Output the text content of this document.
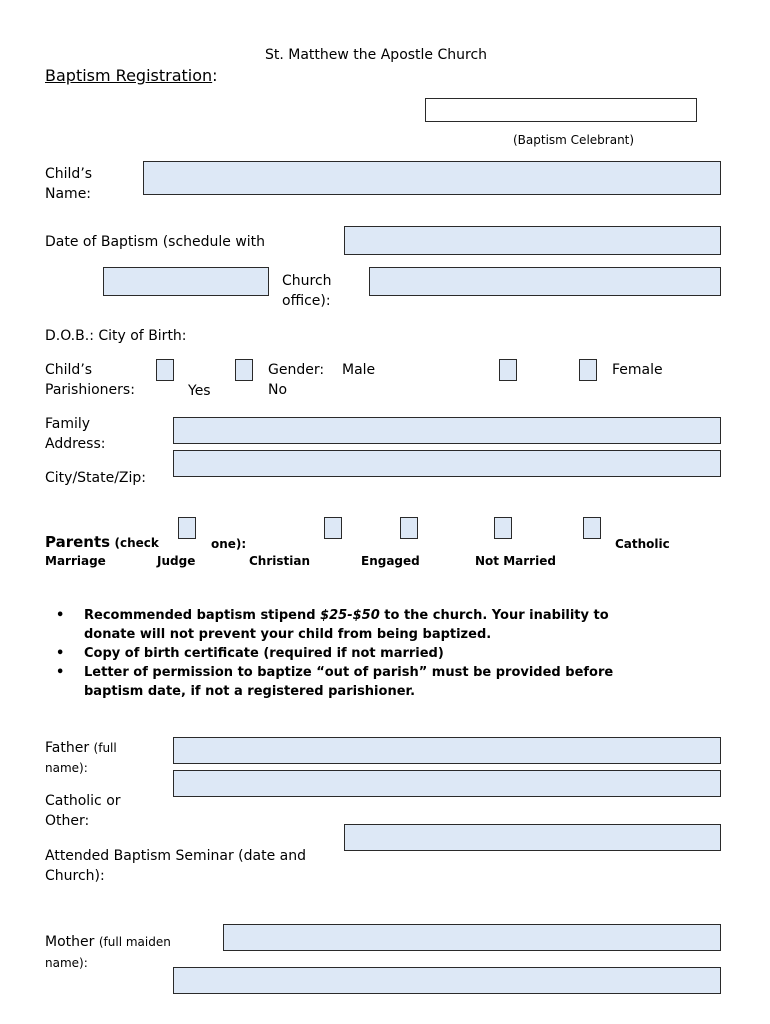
St. Matthew the Apostle Church
Baptism Registration:
(Baptism Celebrant)
Child’s
Name:
Date of Baptism (schedule with
Church
office):
D.O.B.: City of Birth:
Child’s
Parishioners:	Yes	No
Gender: Male	Female
Family
Address:
City/State/Zip:
Parents (check	one):	Catholic
Marriage	Judge	Christian	Engaged	Not Married
• Recommended baptism stipend $25-$50 to the church. Your inability to
donate will not prevent your child from being baptized.
• Copy of birth certificate (required if not married)
• Letter of permission to baptize “out of parish” must be provided before
baptism date, if not a registered parishioner.
Father (full
name):
Catholic or
Other:
Attended Baptism Seminar (date and
Church):
Mother (full maiden
name):
